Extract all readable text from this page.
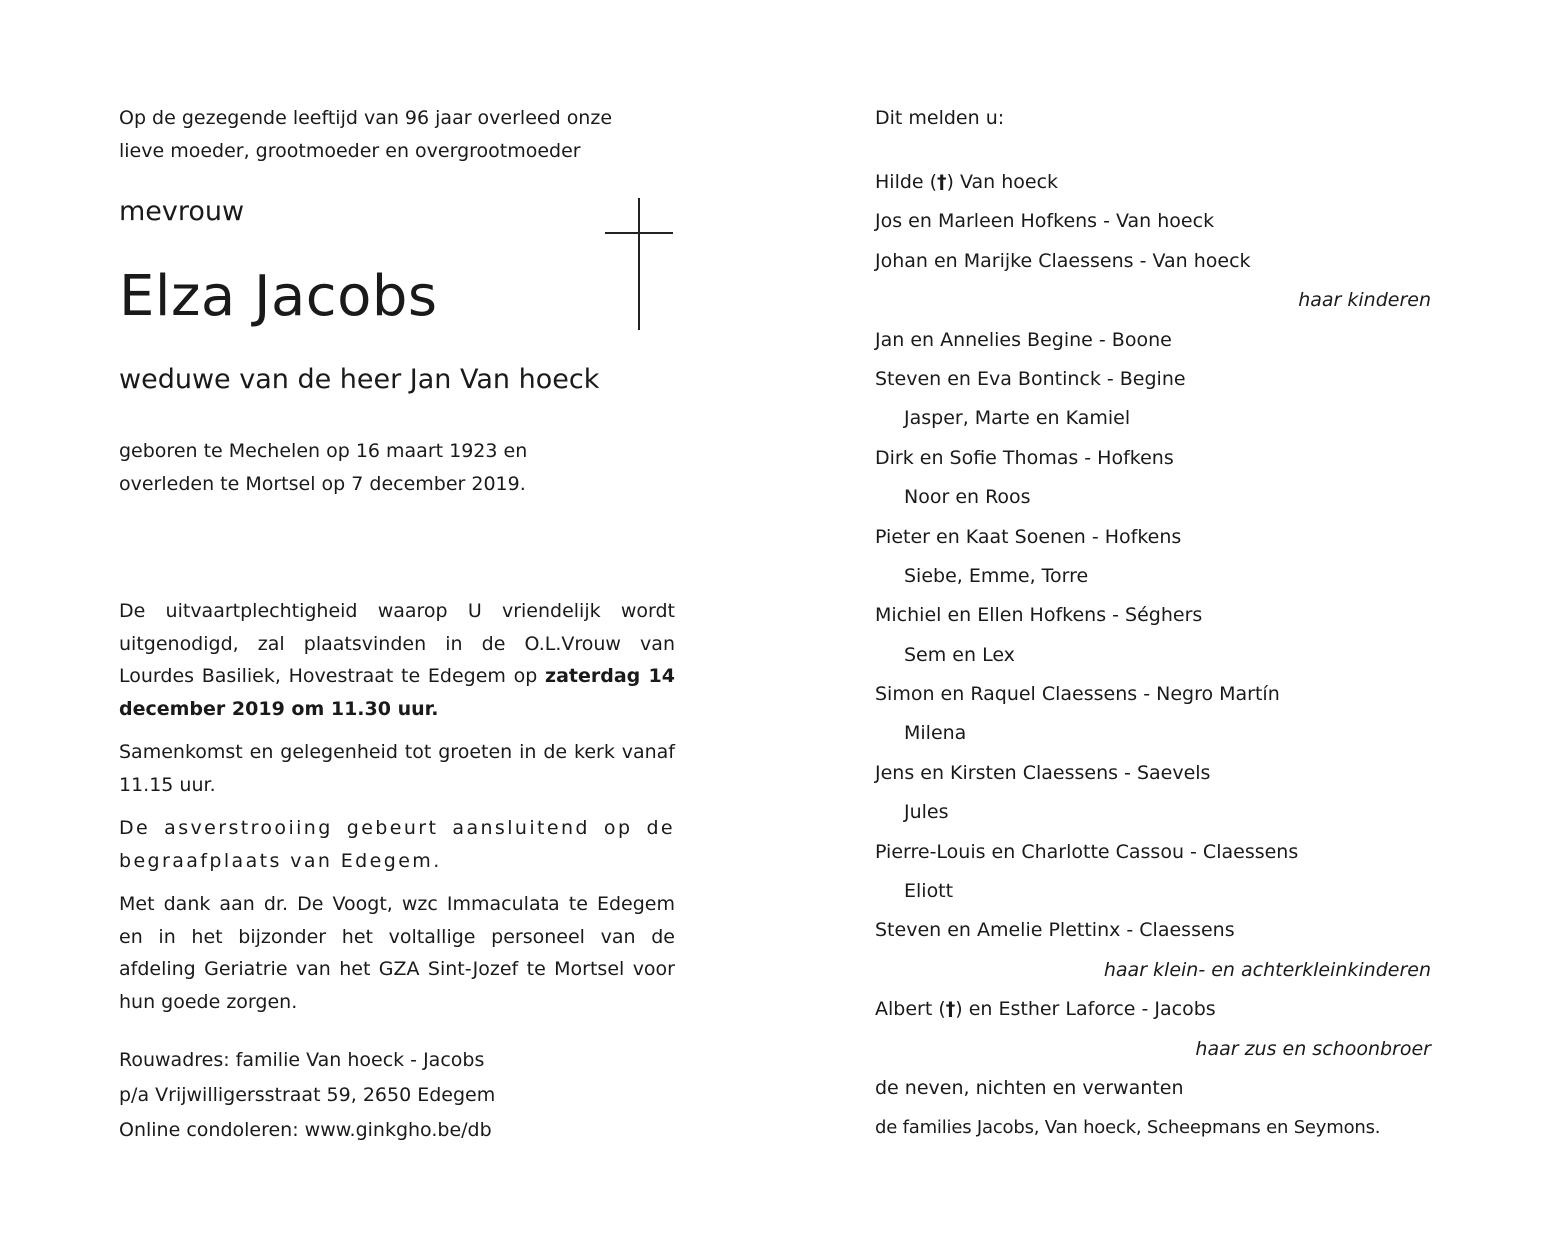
Op de gezegende leeftijd van 96 jaar overleed onze
lieve moeder, grootmoeder en overgrootmoeder

mevrouw

Elza Jacobs

weduwe van de heer Jan Van hoeck

geboren te Mechelen op 16 maart 1923 en
overleden te Mortsel op 7 december 2019.

De uitvaartplechtigheid waarop U vriendelijk wordt uitgenodigd, zal plaatsvinden in de O.L.Vrouw van Lourdes Basiliek, Hovestraat te Edegem op zaterdag 14 december 2019 om 11.30 uur.

Samenkomst en gelegenheid tot groeten in de kerk vanaf 11.15 uur.

De asverstrooiing gebeurt aansluitend op de begraafplaats van Edegem.

Met dank aan dr. De Voogt, wzc Immaculata te Edegem en in het bijzonder het voltallige personeel van de afdeling Geriatrie van het GZA Sint-Jozef te Mortsel voor hun goede zorgen.

Rouwadres: familie Van hoeck - Jacobs
p/a Vrijwilligersstraat 59, 2650 Edegem
Online condoleren: www.ginkgho.be/db

Dit melden u:

Hilde (†) Van hoeck
Jos en Marleen Hofkens - Van hoeck
Johan en Marijke Claessens - Van hoeck
haar kinderen
Jan en Annelies Begine - Boone
Steven en Eva Bontinck - Begine
Jasper, Marte en Kamiel
Dirk en Sofie Thomas - Hofkens
Noor en Roos
Pieter en Kaat Soenen - Hofkens
Siebe, Emme, Torre
Michiel en Ellen Hofkens - Séghers
Sem en Lex
Simon en Raquel Claessens - Negro Martín
Milena
Jens en Kirsten Claessens - Saevels
Jules
Pierre-Louis en Charlotte Cassou - Claessens
Eliott
Steven en Amelie Plettinx - Claessens
haar klein- en achterkleinkinderen
Albert (†) en Esther Laforce - Jacobs
haar zus en schoonbroer
de neven, nichten en verwanten
de families Jacobs, Van hoeck, Scheepmans en Seymons.
